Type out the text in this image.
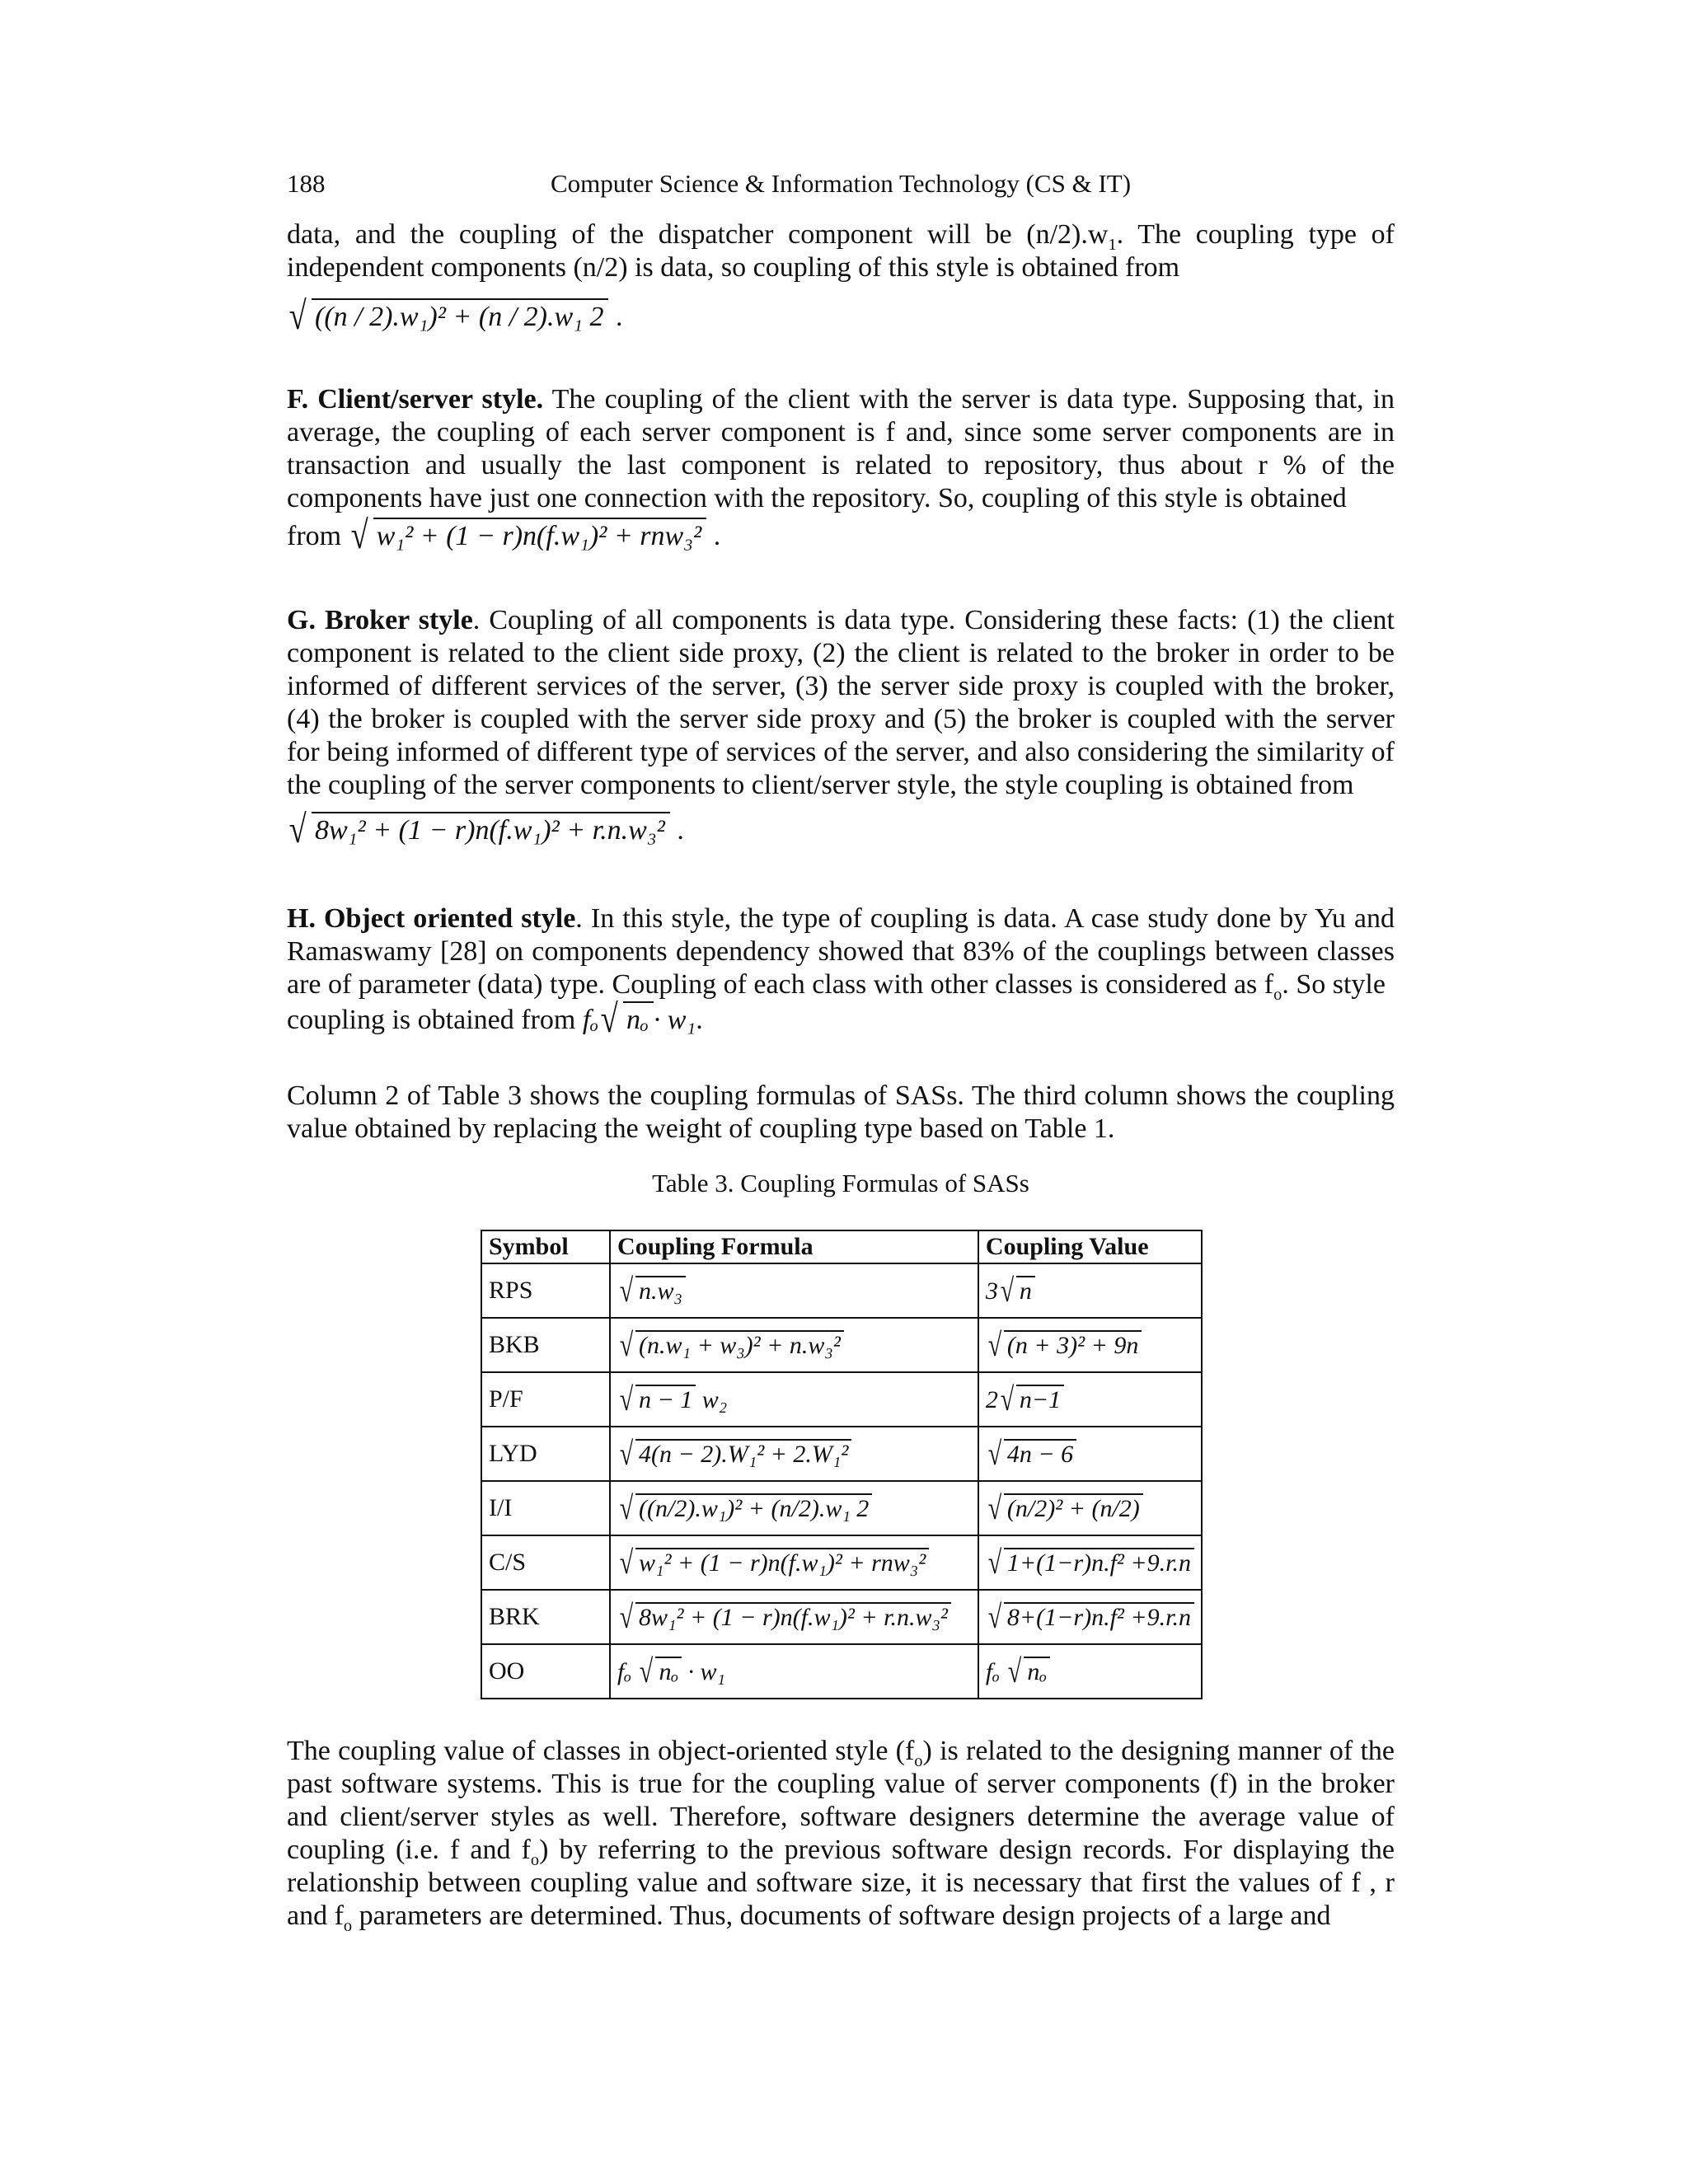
188	Computer Science & Information Technology (CS & IT)

data, and the coupling of the dispatcher component will be $(n/2).w_1$. The coupling type of independent components (n/2) is data, so coupling of this style is obtained from

√ ((n / 2).w₁)² + (n / 2).w₁ 2 .

F. Client/server style. The coupling of the client with the server is data type. Supposing that, in average, the coupling of each server component is f and, since some server components are in transaction and usually the last component is related to repository, thus about r % of the components have just one connection with the repository. So, coupling of this style is obtained

from √ w₁² + (1 − r)n(f.w₁)² + rnw₃² .

G. Broker style. Coupling of all components is data type. Considering these facts: (1) the client component is related to the client side proxy, (2) the client is related to the broker in order to be informed of different services of the server, (3) the server side proxy is coupled with the broker, (4) the broker is coupled with the server side proxy and (5) the broker is coupled with the server for being informed of different type of services of the server, and also considering the similarity of the coupling of the server components to client/server style, the style coupling is obtained from

√ 8w₁² + (1 − r)n(f.w₁)² + r.n.w₃² .

H. Object oriented style. In this style, the type of coupling is data. A case study done by Yu and Ramaswamy [28] on components dependency showed that 83% of the couplings between classes are of parameter (data) type. Coupling of each class with other classes is considered as $f_o$. So style

coupling is obtained from fₒ √ nₒ · w₁.

Column 2 of Table 3 shows the coupling formulas of SASs. The third column shows the coupling value obtained by replacing the weight of coupling type based on Table 1.

Table 3. Coupling Formulas of SASs
Symbol	Coupling Formula	Coupling Value
RPS	√ n.w₃	3 √ n
BKB	√ (n.w₁ + w₃)² + n.w₃²	√ (n + 3)² + 9n
P/F	√ n − 1 w₂	2 √ n−1
LYD	√ 4(n − 2).W₁² + 2.W₁²	√ 4n − 6
I/I	√ ((n/2).w₁)² + (n/2).w₁ 2	√ (n/2)² + (n/2)
C/S	√ w₁² + (1 − r)n(f.w₁)² + rnw₃²	√ 1+(1−r)n.f² +9.r.n
BRK	√ 8w₁² + (1 − r)n(f.w₁)² + r.n.w₃²	√ 8+(1−r)n.f² +9.r.n
OO	fₒ √ nₒ · w₁	fₒ √ nₒ

The coupling value of classes in object-oriented style $(f_o)$ is related to the designing manner of the past software systems. This is true for the coupling value of server components (f) in the broker and client/server styles as well. Therefore, software designers determine the average value of coupling (i.e. f and $f_o$) by referring to the previous software design records. For displaying the relationship between coupling value and software size, it is necessary that first the values of f , r and $f_o$ parameters are determined. Thus, documents of software design projects of a large and
